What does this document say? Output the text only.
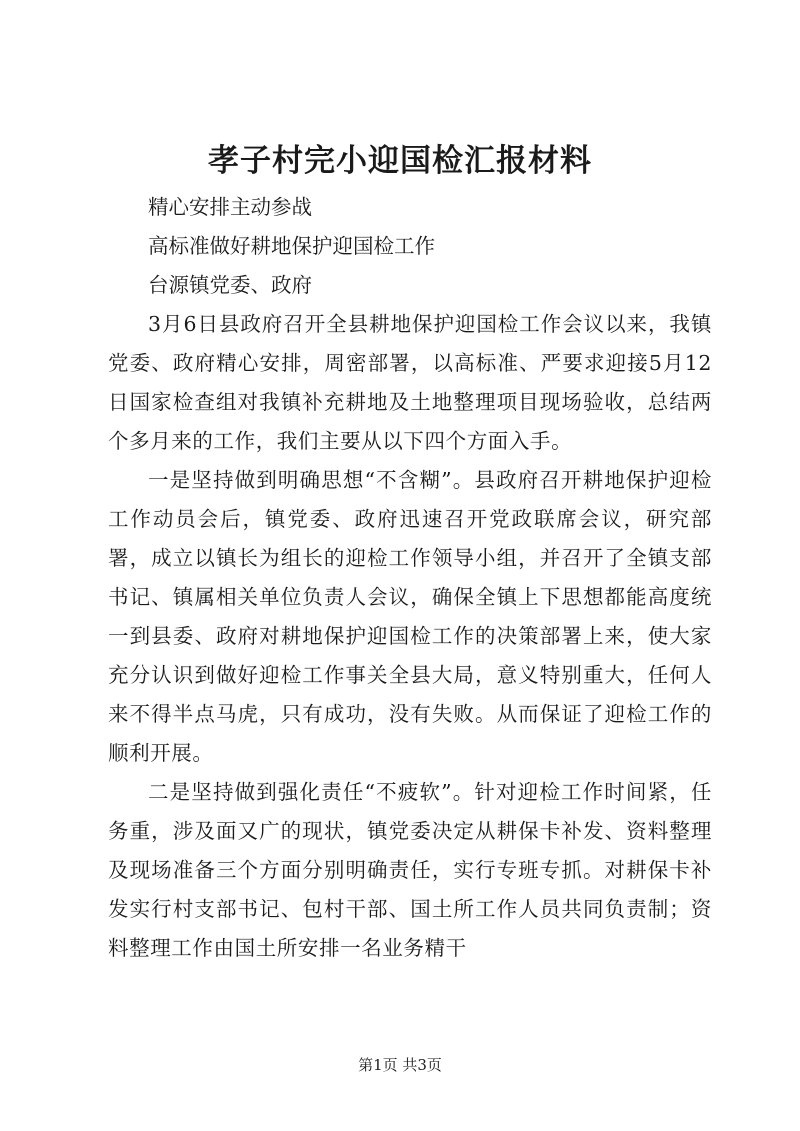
孝子村完小迎国检汇报材料

精心安排主动参战

高标准做好耕地保护迎国检工作

台源镇党委、政府

3月6日县政府召开全县耕地保护迎国检工作会议以来，我镇党委、政府精心安排，周密部署，以高标准、严要求迎接5月12日国家检查组对我镇补充耕地及土地整理项目现场验收，总结两个多月来的工作，我们主要从以下四个方面入手。

一是坚持做到明确思想“不含糊”。县政府召开耕地保护迎检工作动员会后，镇党委、政府迅速召开党政联席会议，研究部署，成立以镇长为组长的迎检工作领导小组，并召开了全镇支部书记、镇属相关单位负责人会议，确保全镇上下思想都能高度统一到县委、政府对耕地保护迎国检工作的决策部署上来，使大家充分认识到做好迎检工作事关全县大局，意义特别重大，任何人来不得半点马虎，只有成功，没有失败。从而保证了迎检工作的顺利开展。

二是坚持做到强化责任“不疲软”。针对迎检工作时间紧，任务重，涉及面又广的现状，镇党委决定从耕保卡补发、资料整理及现场准备三个方面分别明确责任，实行专班专抓。对耕保卡补发实行村支部书记、包村干部、国土所工作人员共同负责制；资料整理工作由国土所安排一名业务精干

第1页 共3页
